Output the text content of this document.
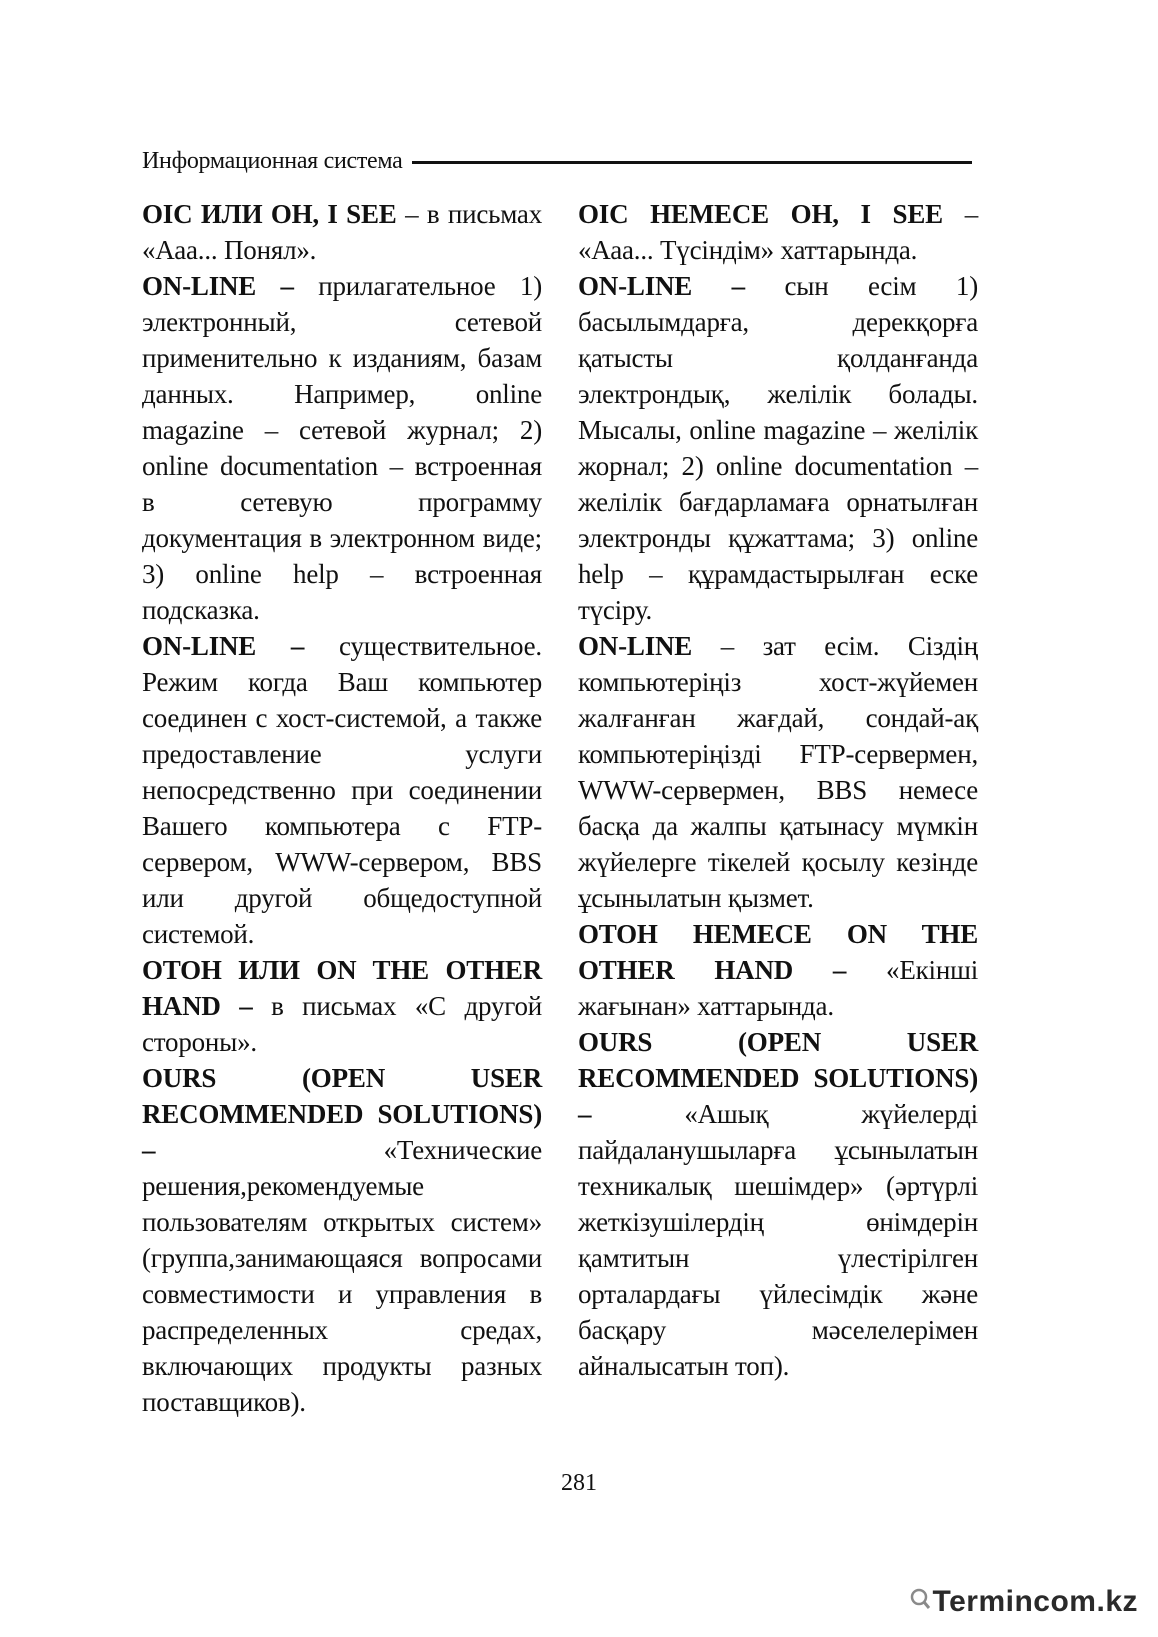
Информационная система

OIC ИЛИ OH, I SEE – в письмах «Ааа... Понял».

ON-LINE – прилагательное 1) электронный, сетевой применительно к изданиям, базам данных. Например, online magazine – сетевой журнал; 2) online documentation – встроенная в сетевую программу документация в электронном виде; 3) online help – встроенная подсказка.

ON-LINE – существительное. Режим когда Ваш компьютер соединен с хост-системой, а также предоставление услуги непосредственно при соединении Вашего компьютера с FTP-сервером, WWW-сервером, BBS или другой общедоступной системой.

OTOH ИЛИ ON THE OTHER HAND – в письмах «С другой стороны».

OURS (OPEN USER RECOMMENDED SOLUTIONS) –	«Технические решения,рекомендуемые пользователям открытых систем» (группа,занимающаяся вопросами совместимости и управления в распределенных средах, включающих продукты разных поставщиков).

OIC НЕМЕСЕ OH, I SEE – «Ааа... Түсіндім» хаттарында.

ON-LINE – сын есім 1) басылымдарға, дерекқорға қатысты қолданғанда электрондық, желілік болады. Мысалы, online magazine – желілік жорнал; 2) online documentation – желілік бағдарламаға орнатылған электронды құжаттама; 3) online help – құрамдастырылған еске түсіру.

ON-LINE – зат есім. Сіздің компьютеріңіз хост-жүйемен жалғанған жағдай, сондай-ақ компьютеріңізді FTP-сервермен, WWW-сервермен, BBS немесе басқа да жалпы қатынасу мүмкін жүйелерге тікелей қосылу кезінде ұсынылатын қызмет.

OTOH НЕМЕСЕ ON THE OTHER HAND – «Екінші жағынан» хаттарында.

OURS (OPEN USER RECOMMENDED SOLUTIONS) –	«Ашық жүйелерді пайдаланушыларға ұсынылатын техникалық шешімдер» (әртүрлі жеткізушілердің өнімдерін қамтитын үлестірілген орталардағы үйлесімдік және басқару мәселелерімен айналысатын топ).

281
Termincom.kz
